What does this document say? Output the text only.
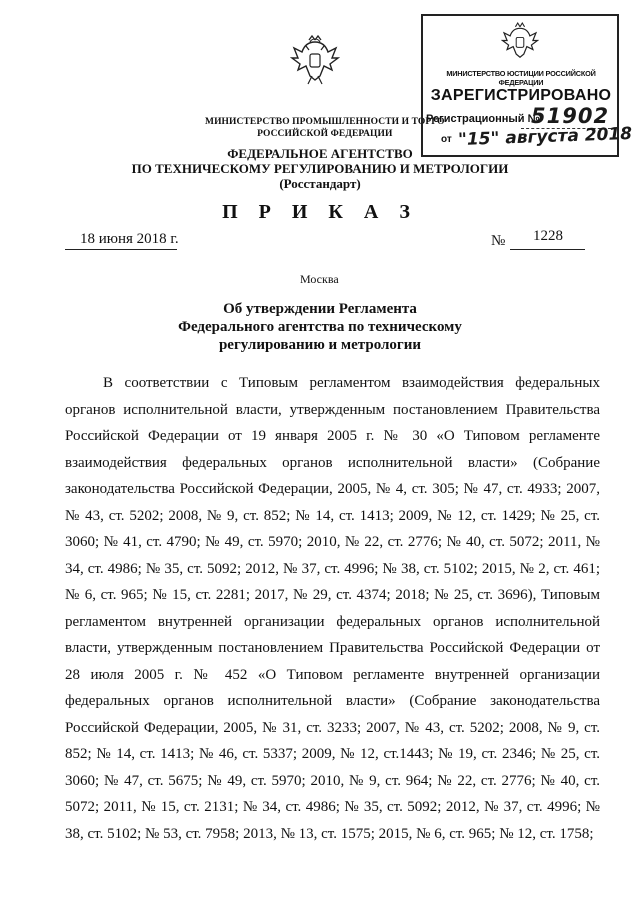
МИНИСТЕРСТВО ПРОМЫШЛЕННОСТИ И ТОРГО
РОССИЙСКОЙ ФЕДЕРАЦИИ
ФЕДЕРАЛЬНОЕ АГЕНТСТВО
ПО ТЕХНИЧЕСКОМУ РЕГУЛИРОВАНИЮ И МЕТРОЛОГИИ
(Росстандарт)
П Р И К А З
18 июня 2018 г.	№ 1228
Москва
Об утверждении Регламента
Федерального агентства по техническому
регулированию и метрологии

В соответствии с Типовым регламентом взаимодействия федеральных органов исполнительной власти, утвержденным постановлением Правительства Российской Федерации от 19 января 2005 г. № 30 «О Типовом регламенте взаимодействия федеральных органов исполнительной власти» (Собрание законодательства Российской Федерации, 2005, № 4, ст. 305; № 47, ст. 4933; 2007, № 43, ст. 5202; 2008, № 9, ст. 852; № 14, ст. 1413; 2009, № 12, ст. 1429; № 25, ст. 3060; № 41, ст. 4790; № 49, ст. 5970; 2010, № 22, ст. 2776; № 40, ст. 5072; 2011, № 34, ст. 4986; № 35, ст. 5092; 2012, № 37, ст. 4996; № 38, ст. 5102; 2015, № 2, ст. 461; № 6, ст. 965; № 15, ст. 2281; 2017, № 29, ст. 4374; 2018; № 25, ст. 3696), Типовым регламентом внутренней организации федеральных органов исполнительной власти, утвержденным постановлением Правительства Российской Федерации от 28 июля 2005 г. № 452 «О Типовом регламенте внутренней организации федеральных органов исполнительной власти» (Собрание законодательства Российской Федерации, 2005, № 31, ст. 3233; 2007, № 43, ст. 5202; 2008, № 9, ст. 852; № 14, ст. 1413; № 46, ст. 5337; 2009, № 12, ст.1443; № 19, ст. 2346; № 25, ст. 3060; № 47, ст. 5675; № 49, ст. 5970; 2010, № 9, ст. 964; № 22, ст. 2776; № 40, ст. 5072; 2011, № 15, ст. 2131; № 34, ст. 4986; № 35, ст. 5092; 2012, № 37, ст. 4996; № 38, ст. 5102; № 53, ст. 7958; 2013, № 13, ст. 1575; 2015, № 6, ст. 965; № 12, ст. 1758;

МИНИСТЕРСТВО ЮСТИЦИИ РОССИЙСКОЙ ФЕДЕРАЦИИ
ЗАРЕГИСТРИРОВАНО
Регистрационный №
51902
от "15" августа 2018
